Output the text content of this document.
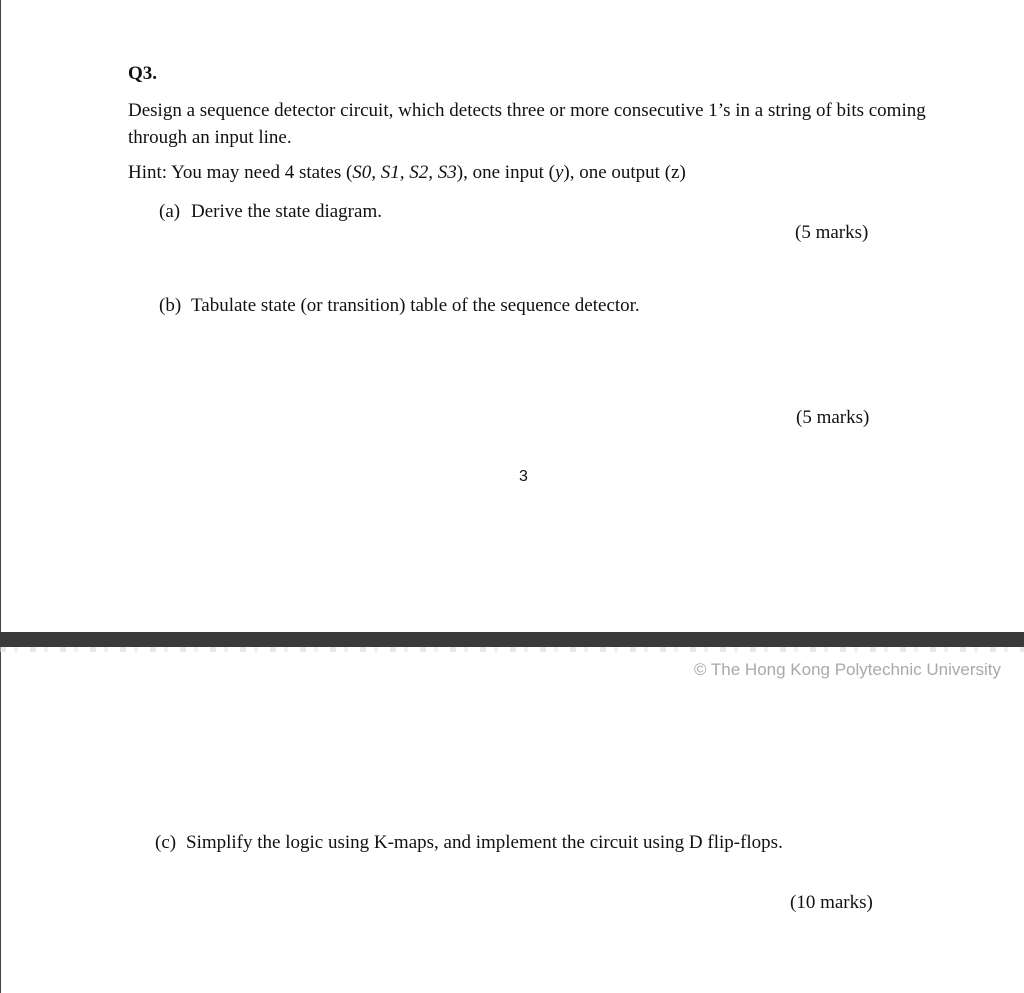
Q3.
Design a sequence detector circuit, which detects three or more consecutive 1’s in a string of bits coming through an input line.
Hint: You may need 4 states (S0, S1, S2, S3), one input (y), one output (z)
(a) Derive the state diagram.
(5 marks)
(b) Tabulate state (or transition) table of the sequence detector.
(5 marks)
3
© The Hong Kong Polytechnic University
(c) Simplify the logic using K-maps, and implement the circuit using D flip-flops.
(10 marks)
